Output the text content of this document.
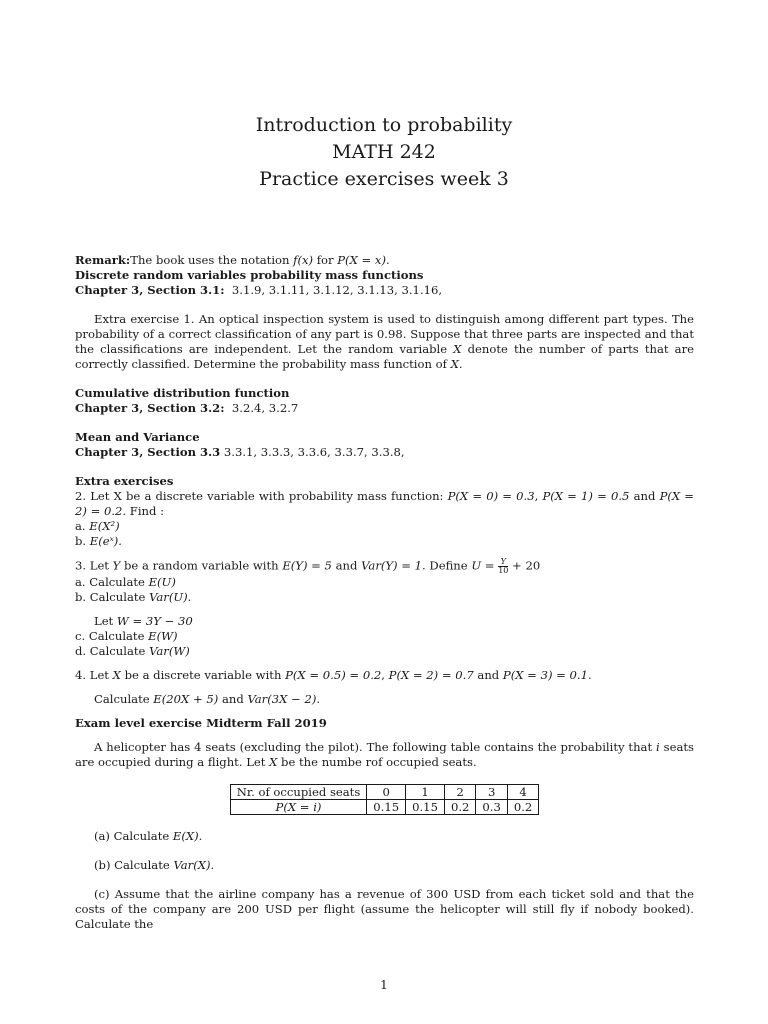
Introduction to probability
MATH 242
Practice exercises week 3

Remark:The book uses the notation f(x) for P(X = x).

Discrete random variables probability mass functions

Chapter 3, Section 3.1: 3.1.9, 3.1.11, 3.1.12, 3.1.13, 3.1.16,

Extra exercise 1. An optical inspection system is used to distinguish among different part types. The probability of a correct classification of any part is 0.98. Suppose that three parts are inspected and that the classifications are independent. Let the random variable X denote the number of parts that are correctly classified. Determine the probability mass function of X.

Cumulative distribution function

Chapter 3, Section 3.2: 3.2.4, 3.2.7

Mean and Variance

Chapter 3, Section 3.3 3.3.1, 3.3.3, 3.3.6, 3.3.7, 3.3.8,

Extra exercises

2. Let X be a discrete variable with probability mass function: P(X = 0) = 0.3, P(X = 1) = 0.5 and P(X = 2) = 0.2. Find :

a. E(X²)

b. E(eˣ).

3. Let Y be a random variable with E(Y) = 5 and Var(Y) = 1. Define $U = \frac{Y}{10} + 20$

a. Calculate E(U)

b. Calculate Var(U).

Let W = 3Y − 30

c. Calculate E(W)

d. Calculate Var(W)

4. Let X be a discrete variable with P(X = 0.5) = 0.2, P(X = 2) = 0.7 and P(X = 3) = 0.1.

Calculate E(20X + 5) and Var(3X − 2).

Exam level exercise Midterm Fall 2019

A helicopter has 4 seats (excluding the pilot). The following table contains the probability that i seats are occupied during a flight. Let X be the numbe rof occupied seats.

Nr. of occupied seats	0	1	2	3	4
P(X = i)	0.15	0.15	0.2	0.3	0.2

(a) Calculate E(X).

(b) Calculate Var(X).

(c) Assume that the airline company has a revenue of 300 USD from each ticket sold and that the costs of the company are 200 USD per flight (assume the helicopter will still fly if nobody booked). Calculate the

1
